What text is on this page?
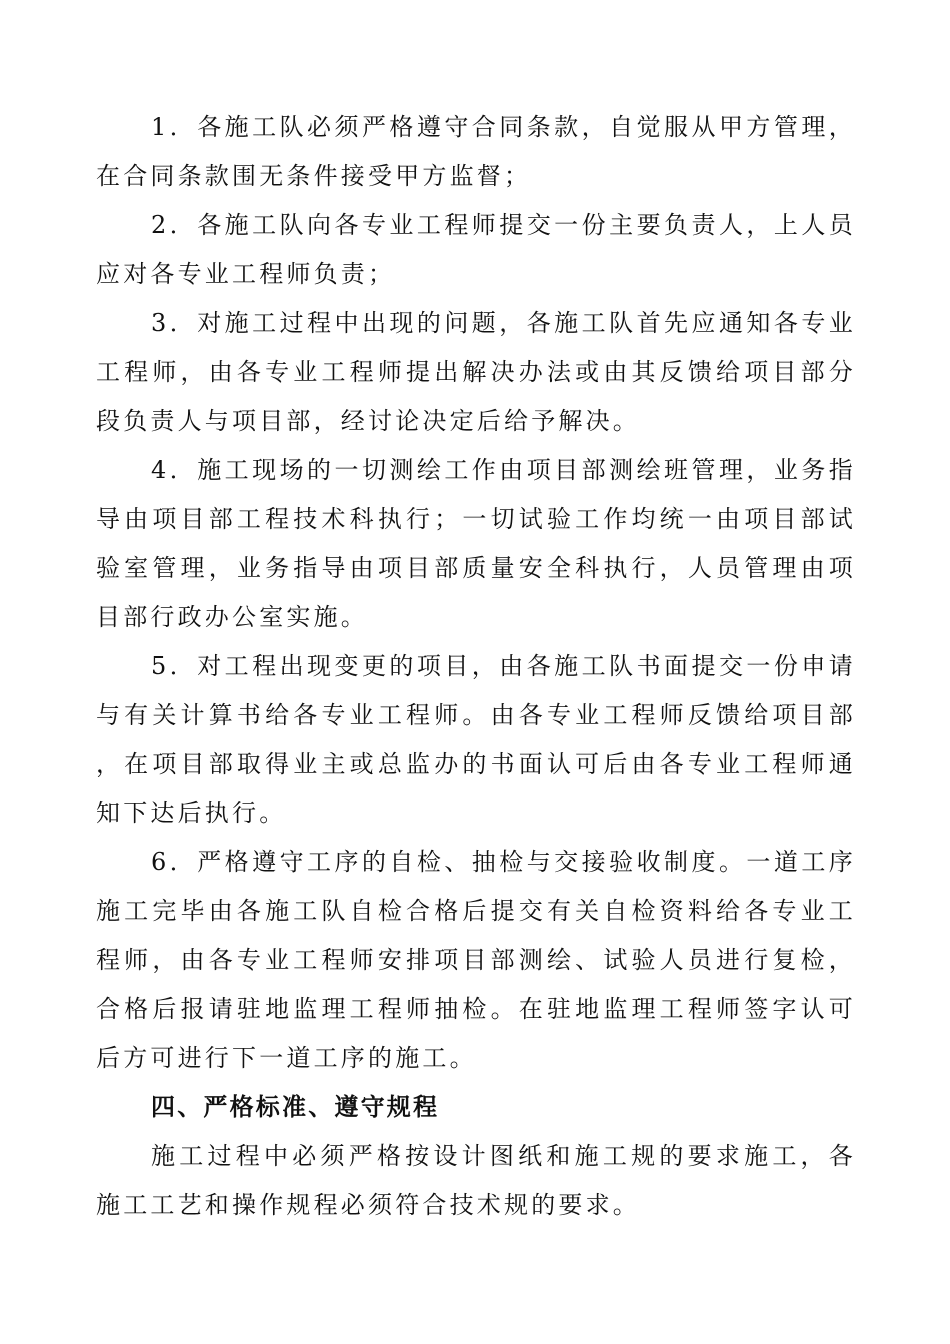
1．各施工队必须严格遵守合同条款，自觉服从甲方管理，在合同条款围无条件接受甲方监督；

2．各施工队向各专业工程师提交一份主要负责人，上人员应对各专业工程师负责；

3．对施工过程中出现的问题，各施工队首先应通知各专业工程师，由各专业工程师提出解决办法或由其反馈给项目部分段负责人与项目部，经讨论决定后给予解决。

4．施工现场的一切测绘工作由项目部测绘班管理，业务指导由项目部工程技术科执行；一切试验工作均统一由项目部试验室管理，业务指导由项目部质量安全科执行，人员管理由项目部行政办公室实施。

5．对工程出现变更的项目，由各施工队书面提交一份申请与有关计算书给各专业工程师。由各专业工程师反馈给项目部，在项目部取得业主或总监办的书面认可后由各专业工程师通知下达后执行。

6．严格遵守工序的自检、抽检与交接验收制度。一道工序施工完毕由各施工队自检合格后提交有关自检资料给各专业工程师，由各专业工程师安排项目部测绘、试验人员进行复检，合格后报请驻地监理工程师抽检。在驻地监理工程师签字认可后方可进行下一道工序的施工。

四、严格标准、遵守规程

施工过程中必须严格按设计图纸和施工规的要求施工，各施工工艺和操作规程必须符合技术规的要求。
